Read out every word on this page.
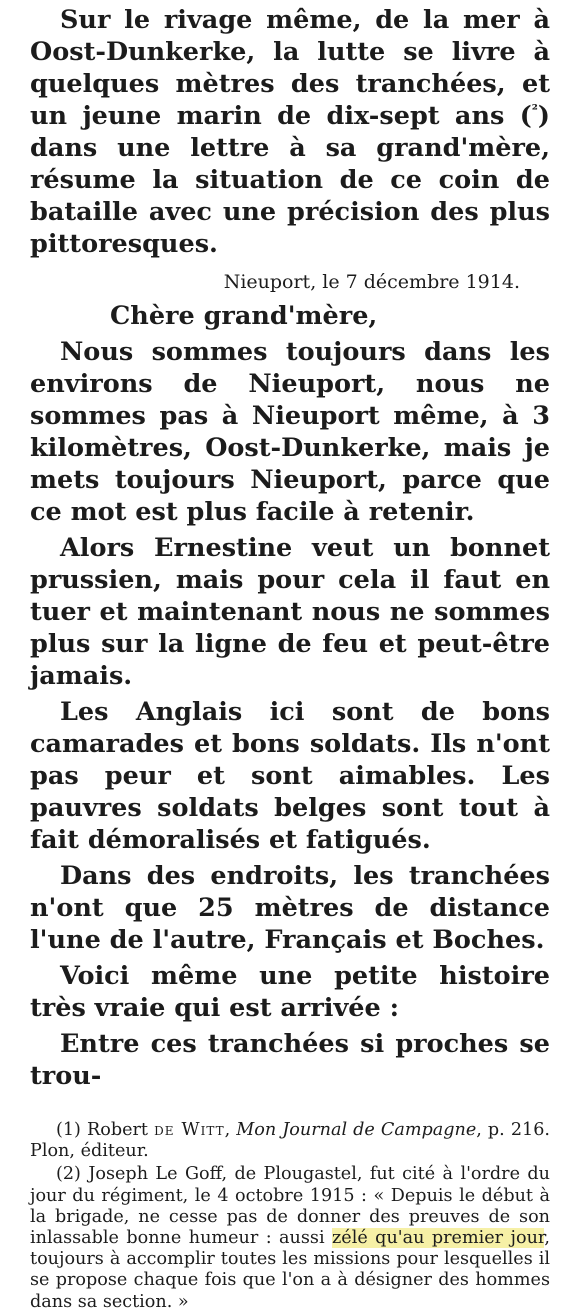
Sur le rivage même, de la mer à Oost-Dunkerke, la lutte se livre à quelques mètres des tranchées, et un jeune marin de dix-sept ans ($^{^2}$) dans une lettre à sa grand'mère, résume la situation de ce coin de bataille avec une précision des plus pittoresques.

Nieuport, le 7 décembre 1914.

Chère grand'mère,

Nous sommes toujours dans les environs de Nieuport, nous ne sommes pas à Nieuport même, à 3 kilomètres, Oost-Dunkerke, mais je mets toujours Nieuport, parce que ce mot est plus facile à retenir.

Alors Ernestine veut un bonnet prussien, mais pour cela il faut en tuer et maintenant nous ne sommes plus sur la ligne de feu et peut-être jamais.

Les Anglais ici sont de bons camarades et bons soldats. Ils n'ont pas peur et sont aimables. Les pauvres soldats belges sont tout à fait démoralisés et fatigués.

Dans des endroits, les tranchées n'ont que 25 mètres de distance l'une de l'autre, Français et Boches.

Voici même une petite histoire très vraie qui est arrivée :

Entre ces tranchées si proches se trou-

(1) Robert de Witt, Mon Journal de Campagne, p. 216. Plon, éditeur.

(2) Joseph Le Goff, de Plougastel, fut cité à l'ordre du jour du régiment, le 4 octobre 1915 : « Depuis le début à la brigade, ne cesse pas de donner des preuves de son inlassable bonne humeur : aussi zélé qu'au premier jour, toujours à accomplir toutes les missions pour lesquelles il se propose chaque fois que l'on a à désigner des hommes dans sa section. »
